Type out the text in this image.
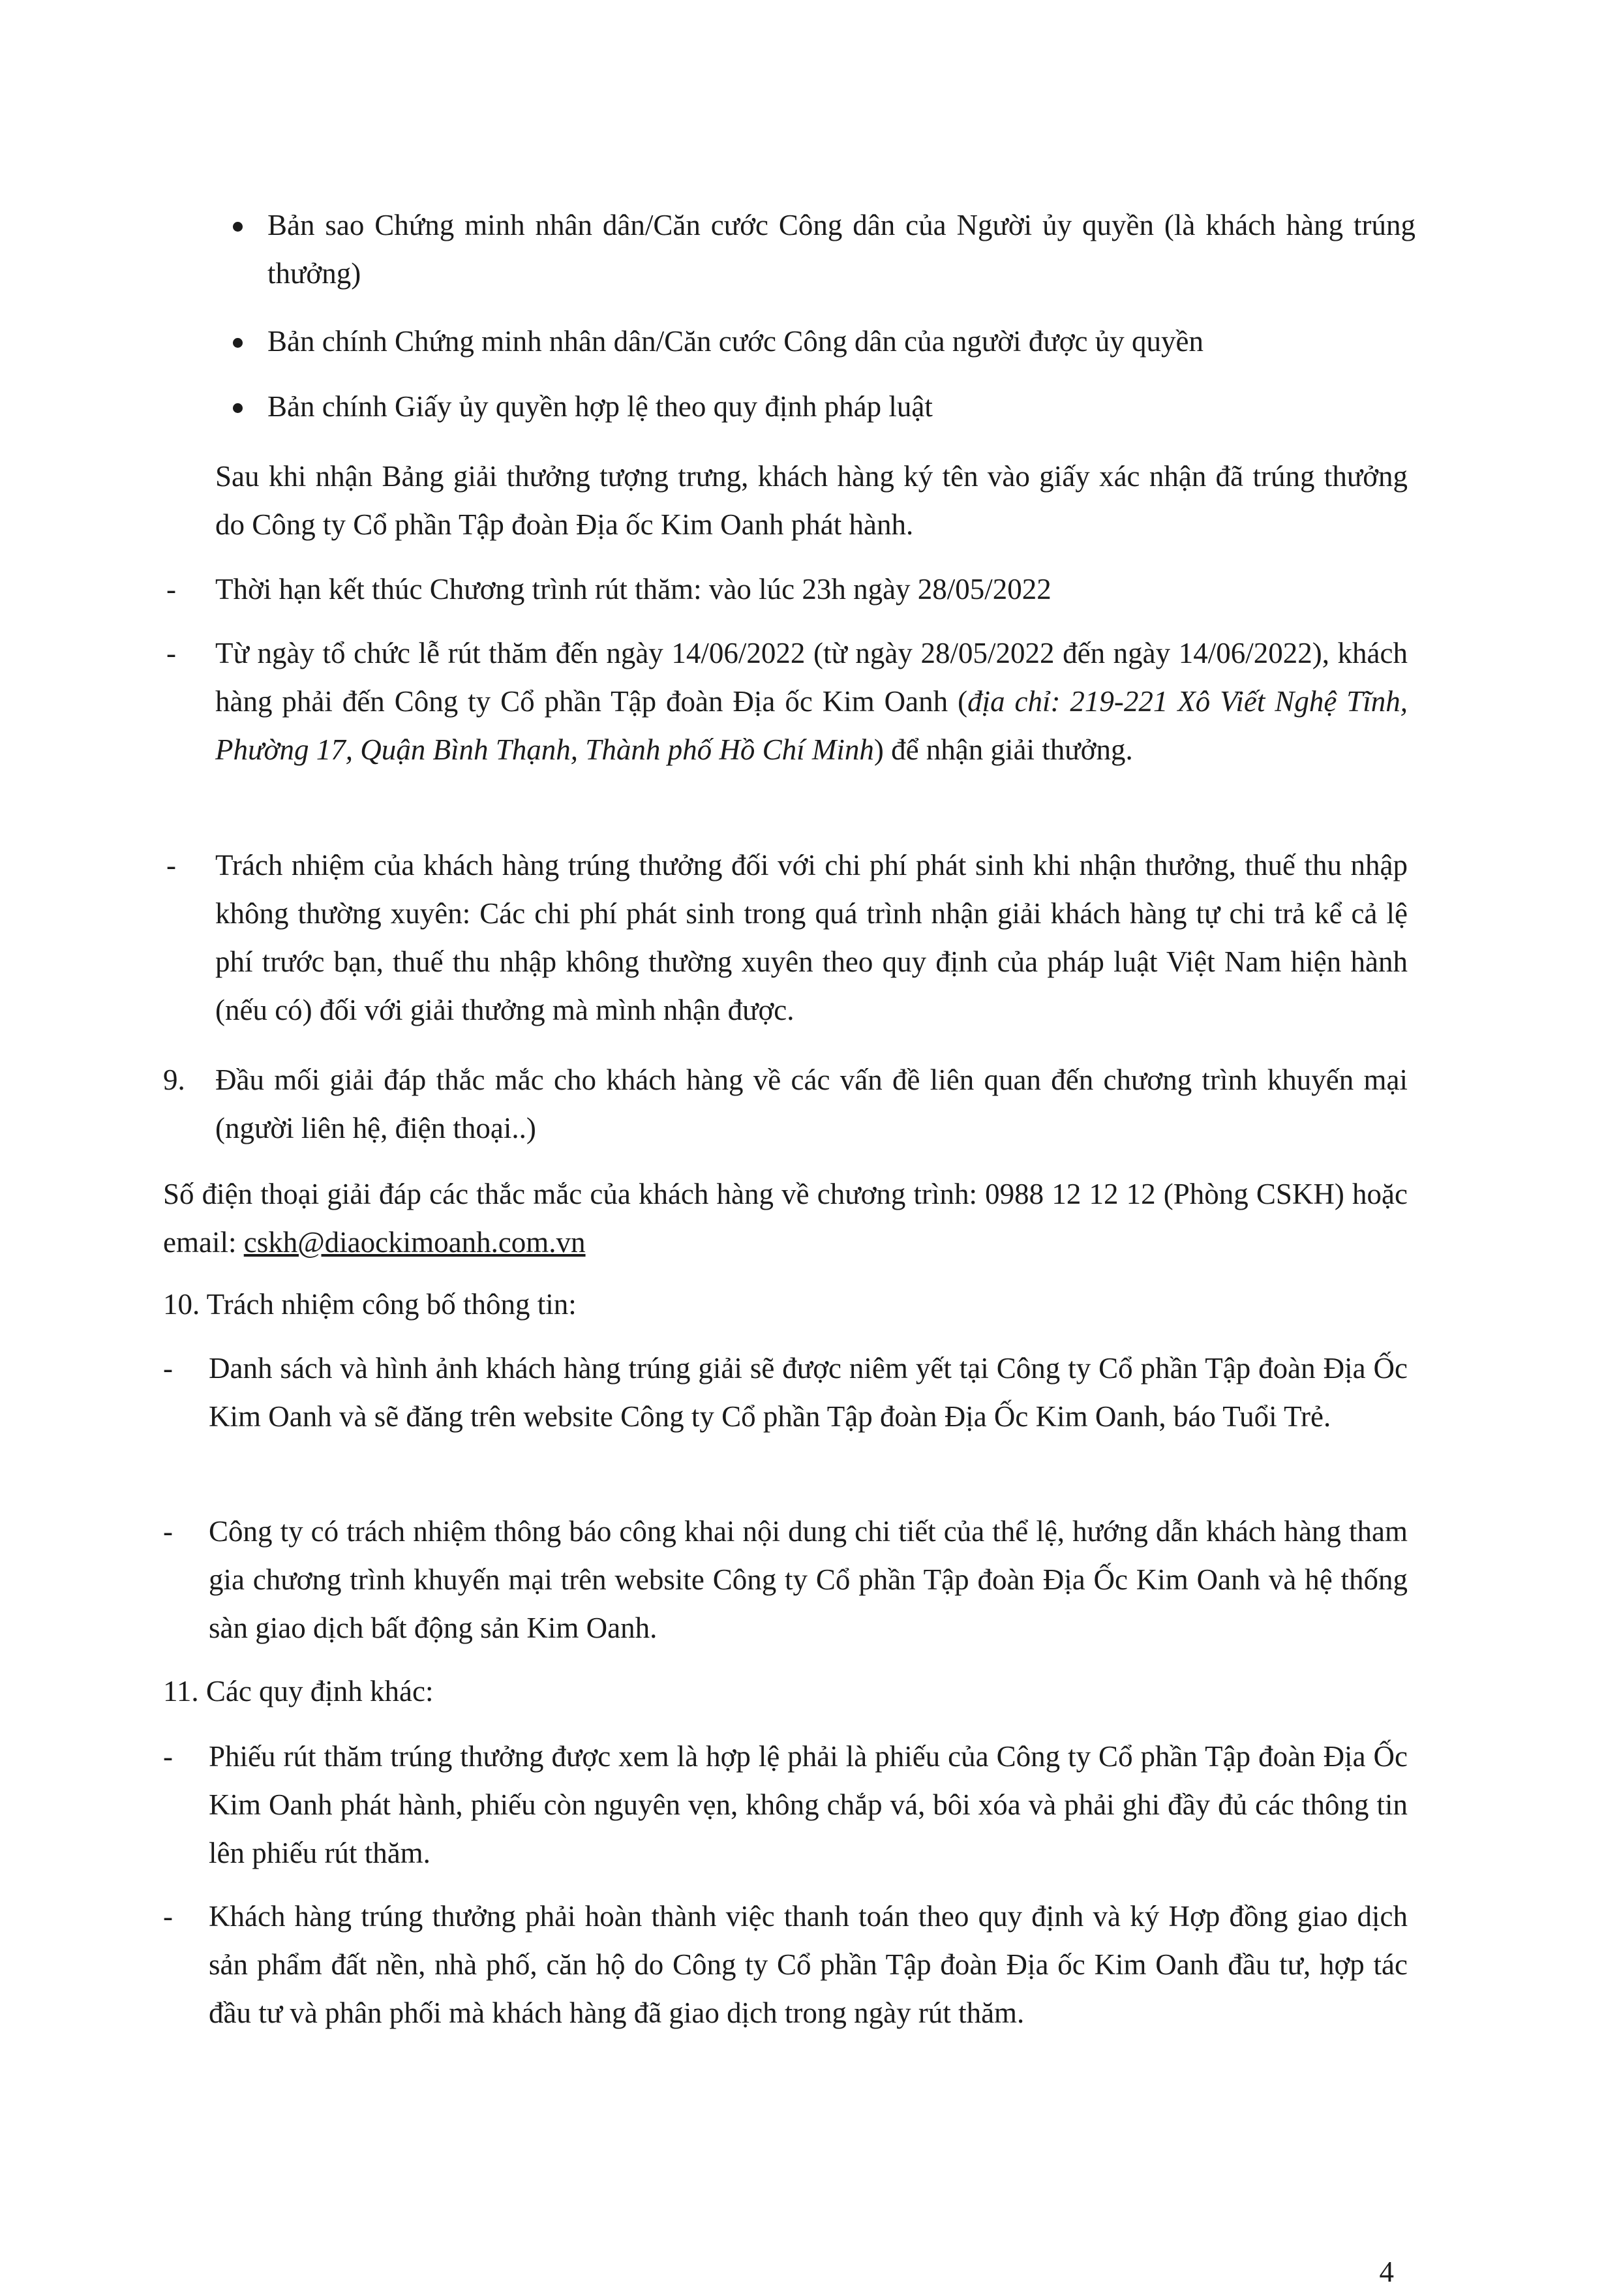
Bản sao Chứng minh nhân dân/Căn cước Công dân của Người ủy quyền (là khách hàng trúng thưởng)
Bản chính Chứng minh nhân dân/Căn cước Công dân của người được ủy quyền
Bản chính Giấy ủy quyền hợp lệ theo quy định pháp luật
Sau khi nhận Bảng giải thưởng tượng trưng, khách hàng ký tên vào giấy xác nhận đã trúng thưởng do Công ty Cổ phần Tập đoàn Địa ốc Kim Oanh phát hành.
- Thời hạn kết thúc Chương trình rút thăm: vào lúc 23h ngày 28/05/2022
- Từ ngày tổ chức lễ rút thăm đến ngày 14/06/2022 (từ ngày 28/05/2022 đến ngày 14/06/2022), khách hàng phải đến Công ty Cổ phần Tập đoàn Địa ốc Kim Oanh (địa chỉ: 219-221 Xô Viết Nghệ Tĩnh, Phường 17, Quận Bình Thạnh, Thành phố Hồ Chí Minh) để nhận giải thưởng.
- Trách nhiệm của khách hàng trúng thưởng đối với chi phí phát sinh khi nhận thưởng, thuế thu nhập không thường xuyên: Các chi phí phát sinh trong quá trình nhận giải khách hàng tự chi trả kể cả lệ phí trước bạn, thuế thu nhập không thường xuyên theo quy định của pháp luật Việt Nam hiện hành (nếu có) đối với giải thưởng mà mình nhận được.
9. Đầu mối giải đáp thắc mắc cho khách hàng về các vấn đề liên quan đến chương trình khuyến mại (người liên hệ, điện thoại..)
Số điện thoại giải đáp các thắc mắc của khách hàng về chương trình: 0988 12 12 12 (Phòng CSKH) hoặc email: cskh@diaockimoanh.com.vn
10. Trách nhiệm công bố thông tin:
- Danh sách và hình ảnh khách hàng trúng giải sẽ được niêm yết tại Công ty Cổ phần Tập đoàn Địa Ốc Kim Oanh và sẽ đăng trên website Công ty Cổ phần Tập đoàn Địa Ốc Kim Oanh, báo Tuổi Trẻ.
- Công ty có trách nhiệm thông báo công khai nội dung chi tiết của thể lệ, hướng dẫn khách hàng tham gia chương trình khuyến mại trên website Công ty Cổ phần Tập đoàn Địa Ốc Kim Oanh và hệ thống sàn giao dịch bất động sản Kim Oanh.
11. Các quy định khác:
- Phiếu rút thăm trúng thưởng được xem là hợp lệ phải là phiếu của Công ty Cổ phần Tập đoàn Địa Ốc Kim Oanh phát hành, phiếu còn nguyên vẹn, không chắp vá, bôi xóa và phải ghi đầy đủ các thông tin lên phiếu rút thăm.
- Khách hàng trúng thưởng phải hoàn thành việc thanh toán theo quy định và ký Hợp đồng giao dịch sản phẩm đất nền, nhà phố, căn hộ do Công ty Cổ phần Tập đoàn Địa ốc Kim Oanh đầu tư, hợp tác đầu tư và phân phối mà khách hàng đã giao dịch trong ngày rút thăm.
4
